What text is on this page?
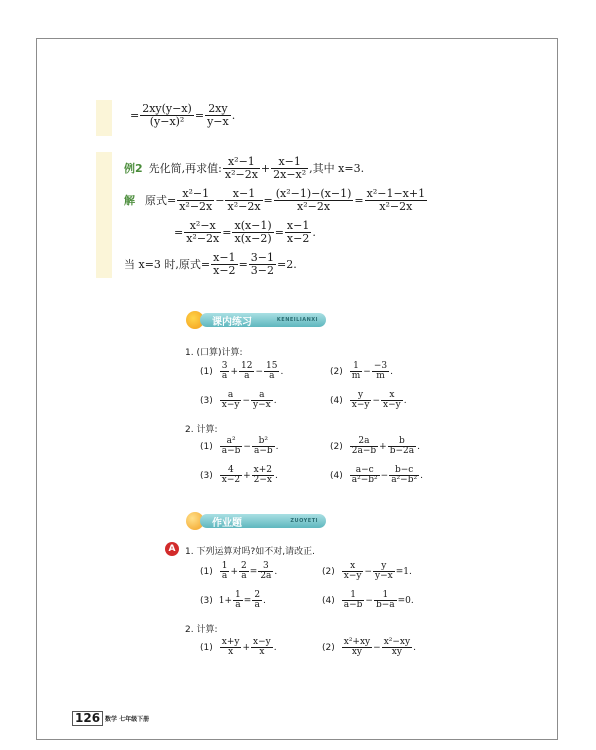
= $\frac{2xy(y-x)}{\text{(y−x)²}} = \frac{2xy}{y-x}$ .
例2 先化简,再求值: $\frac{\text{x²−1}}{\text{x²−2x}} + \frac{x-1}{\text{2x−x²}}$ ,其中 x=3.
解 原式= $\frac{\text{x²−1}}{\text{x²−2x}} - \frac{x-1}{\text{x²−2x}} = \frac{\text{(x²−1)−(x−1)}}{\text{x²−2x}} = \frac{\text{x²−1−x+1}}{\text{x²−2x}}$
= $\frac{\text{x²−x}}{\text{x²−2x}} = \frac{x(x-1)}{x(x-2)} = \frac{x-1}{x-2}$ .
当 x=3 时,原式= $\frac{x-1}{x-2} = \frac{3-1}{3-2} =2$.
课内练习	KENEILIANXI
1. (口算)计算:
$(1) \frac{3}{a} + \frac{12}{a} - \frac{15}{a}$ .	$(2) \frac{1}{m} - \frac{-3}{m}$ .
$(3) \frac{a}{x-y} - \frac{a}{y-x}$ .	$(4) \frac{y}{x-y} - \frac{x}{x-y}$ .
2. 计算:
$(1) \frac{\text{a²}}{a-b} - \frac{\text{b²}}{a-b}$ .	$(2) \frac{2a}{2a-b} + \frac{b}{b-2a}$ .
$(3) \frac{4}{x-2} + \frac{x+2}{2-x}$ .	$(4) \frac{a-c}{\text{a²−b²}} - \frac{b-c}{\text{a²−b²}}$ .
作业题	ZUOYETI
A	1. 下列运算对吗?如不对,请改正.
$(1) \frac{1}{a} + \frac{2}{a} = \frac{3}{2a}$ .	$(2) \frac{x}{x-y} - \frac{y}{y-x} =1$.
(3) $1+ \frac{1}{a} = \frac{2}{a}$ .	$(4) \frac{1}{a-b} - \frac{1}{b-a} =0$.
2. 计算:
$(1) \frac{x+y}{x} + \frac{x-y}{x}$ .	$(2) \frac{\text{x²+xy}}{xy} - \frac{\text{x²−xy}}{xy}$ .
126 数学 七年级下册
